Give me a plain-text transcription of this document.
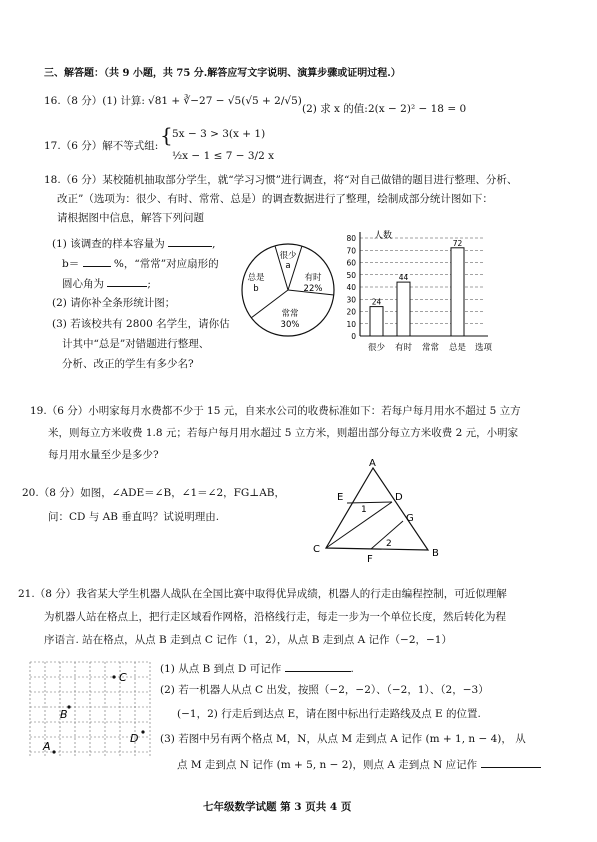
三、解答题：（共 9 小题，共 75 分.解答应写文字说明、演算步骤或证明过程.）
16.（8 分）(1) 计算: √81 + ∛−27 − √5(√5 + 2/√5)
(2) 求 x 的值: 2(x − 2)² − 18 = 0
17.（6 分）解不等式组: { 5x − 3 > 3(x + 1)
½x − 1 ≤ 7 − 3/2 x
18.（6 分）某校随机抽取部分学生，就“学习习惯”进行调查，将“对自己做错的题目进行整理、分析、
改正”（选项为：很少、有时、常常、总是）的调查数据进行了整理，绘制成部分统计图如下：
请根据图中信息，解答下列问题
(1) 该调查的样本容量为	,
b＝	%，“常常”对应扇形的
圆心角为	;
(2) 请你补全条形统计图；
(3) 若该校共有 2800 名学生，请你估
计其中“总是”对错题进行整理、
分析、改正的学生有多少名?
很少
a
总是
b
有时
22%
常常
30%
0
10
20
30
40
50
60
70
80
24
44
72
很少 有时 常常 总是
人数
选项
19.（6 分）小明家每月水费都不少于 15 元，自来水公司的收费标准如下：若每户每月用水不超过 5 立方
米，则每立方米收费 1.8 元；若每户每月用水超过 5 立方米，则超出部分每立方米收费 2 元，小明家
每月用水量至少是多少?
20.（8 分）如图，∠ADE＝∠B，∠1＝∠2，FG⊥AB，
问：CD 与 AB 垂直吗？试说明理由.
A
B
C
D
E
F
G
1
2
21.（8 分）我省某大学生机器人战队在全国比赛中取得优异成绩，机器人的行走由编程控制，可近似理解
为机器人站在格点上，把行走区域看作网格，沿格线行走，每走一步为一个单位长度，然后转化为程
序语言. 站在格点，从点 B 走到点 C 记作（1，2），从点 B 走到点 A 记作（−2，−1）
A
B
C
D
(1) 从点 B 到点 D 可记作	.
(2) 若一机器人从点 C 出发，按照（−2，−2）、（−2，1）、（2，−3）
(−1，2) 行走后到达点 E，请在图中标出行走路线及点 E 的位置.
(3) 若图中另有两个格点 M，N，从点 M 走到点 A 记作 (m + 1, n − 4)， 从
点 M 走到点 N 记作 (m + 5, n − 2)，则点 A 走到点 N 应记作
七年级数学试题 第 3 页共 4 页
